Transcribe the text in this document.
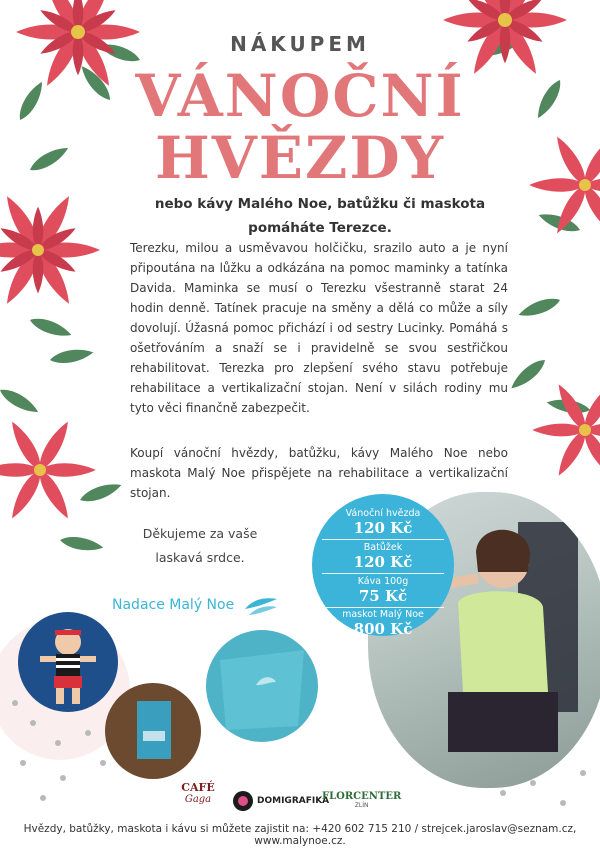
NÁKUPEM
VÁNOČNÍ
HVĚZDY
nebo kávy Malého Noe, batůžku či maskota
pomáháte Terezce.
Terezku, milou a usměvavou holčičku, srazilo auto a je nyní připoutána na lůžku a odkázána na pomoc maminky a tatínka Davida. Maminka se musí o Terezku všestranně starat 24 hodin denně. Tatínek pracuje na směny a dělá co může a síly dovolují. Úžasná pomoc přichází i od sestry Lucinky. Pomáhá s ošetřováním a snaží se i pravidelně se svou sestřičkou rehabilitovat. Terezka pro zlepšení svého stavu potřebuje rehabilitace a vertikalizační stojan. Není v silách rodiny mu tyto věci finančně zabezpečit.
Koupí vánoční hvězdy, batůžku, kávy Malého Noe nebo maskota Malý Noe přispějete na rehabilitace a vertikalizační stojan.
Děkujeme za vaše
laskavá srdce.
Nadace Malý Noe
Vánoční hvězda
120 Kč
Batůžek
120 Kč
Káva 100g
75 Kč
maskot Malý Noe
800 Kč
CAFÉ
Gaga	DOMIGRAFIKA
FLORCENTER
ZLÍN
Hvězdy, batůžky, maskota i kávu si můžete zajistit na: +420 602 715 210 / strejcek.jaroslav@seznam.cz, www.malynoe.cz.
